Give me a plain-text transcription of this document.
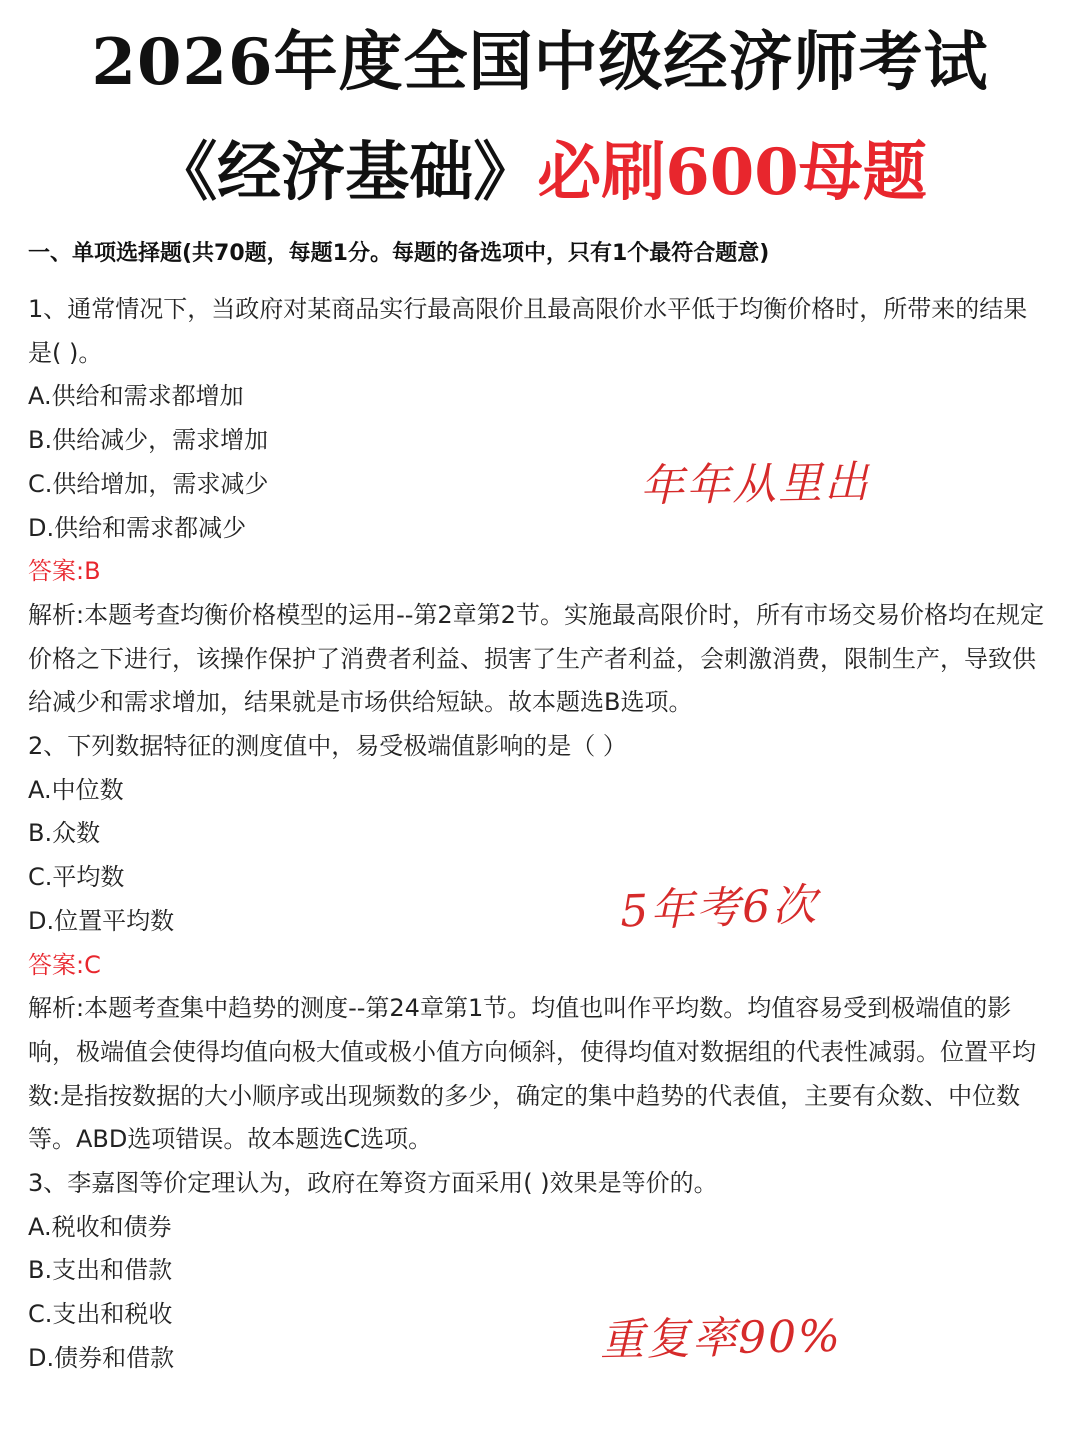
2026年度全国中级经济师考试
《经济基础》必刷600母题
一、单项选择题(共70题，每题1分。每题的备选项中，只有1个最符合题意)

1、通常情况下，当政府对某商品实行最高限价且最高限价水平低于均衡价格时，所带来的结果是( )。

A.供给和需求都增加

B.供给减少，需求增加

C.供给增加，需求减少

D.供给和需求都减少

答案:B

解析:本题考查均衡价格模型的运用--第2章第2节。实施最高限价时，所有市场交易价格均在规定价格之下进行，该操作保护了消费者利益、损害了生产者利益，会刺激消费，限制生产，导致供给减少和需求增加，结果就是市场供给短缺。故本题选B选项。

2、下列数据特征的测度值中，易受极端值影响的是（ ）

A.中位数

B.众数

C.平均数

D.位置平均数

答案:C

解析:本题考查集中趋势的测度--第24章第1节。均值也叫作平均数。均值容易受到极端值的影响，极端值会使得均值向极大值或极小值方向倾斜，使得均值对数据组的代表性减弱。位置平均数:是指按数据的大小顺序或出现频数的多少，确定的集中趋势的代表值，主要有众数、中位数等。ABD选项错误。故本题选C选项。

3、李嘉图等价定理认为，政府在筹资方面采用( )效果是等价的。

A.税收和债券

B.支出和借款

C.支出和税收

D.债券和借款

年年从里出
5年考6次
重复率90%
